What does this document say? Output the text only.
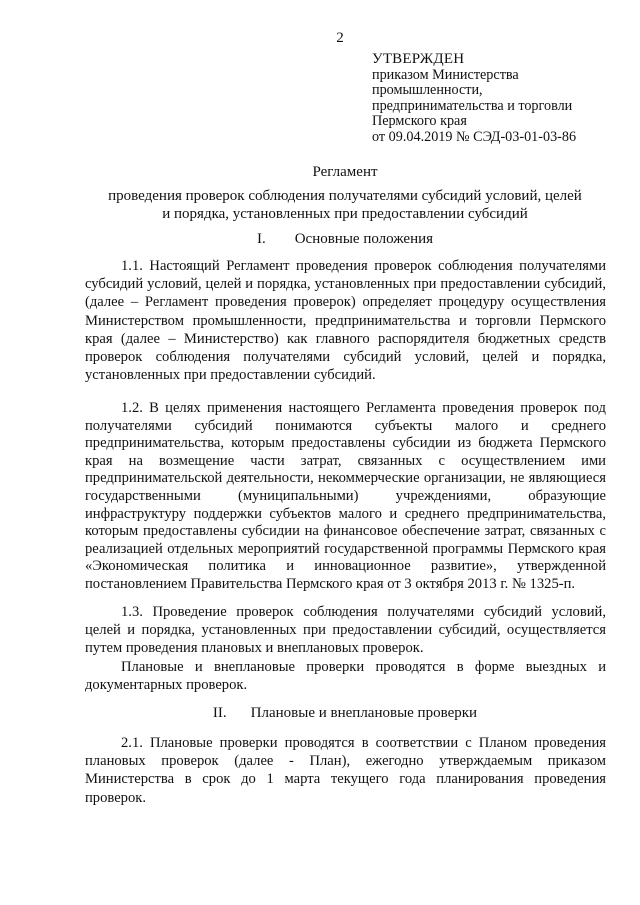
2
УТВЕРЖДЕН
приказом Министерства
промышленности,
предпринимательства и торговли
Пермского края
от 09.04.2019 № СЭД-03-01-03-86
Регламент
проведения проверок соблюдения получателями субсидий условий, целей
и порядка, установленных при предоставлении субсидий
I. Основные положения

1.1. Настоящий Регламент проведения проверок соблюдения получателями субсидий условий, целей и порядка, установленных при предоставлении субсидий, (далее – Регламент проведения проверок) определяет процедуру осуществления Министерством промышленности, предпринимательства и торговли Пермского края (далее – Министерство) как главного распорядителя бюджетных средств проверок соблюдения получателями субсидий условий, целей и порядка, установленных при предоставлении субсидий.

1.2. В целях применения настоящего Регламента проведения проверок под получателями субсидий понимаются субъекты малого и среднего предпринимательства, которым предоставлены субсидии из бюджета Пермского края на возмещение части затрат, связанных с осуществлением ими предпринимательской деятельности, некоммерческие организации, не являющиеся государственными (муниципальными) учреждениями, образующие инфраструктуру поддержки субъектов малого и среднего предпринимательства, которым предоставлены субсидии на финансовое обеспечение затрат, связанных с реализацией отдельных мероприятий государственной программы Пермского края «Экономическая политика и инновационное развитие», утвержденной постановлением Правительства Пермского края от 3 октября 2013 г. № 1325-п.

1.3. Проведение проверок соблюдения получателями субсидий условий, целей и порядка, установленных при предоставлении субсидий, осуществляется путем проведения плановых и внеплановых проверок.

Плановые и внеплановые проверки проводятся в форме выездных и документарных проверок.

II. Плановые и внеплановые проверки

2.1. Плановые проверки проводятся в соответствии с Планом проведения плановых проверок (далее - План), ежегодно утверждаемым приказом Министерства в срок до 1 марта текущего года планирования проведения проверок.
